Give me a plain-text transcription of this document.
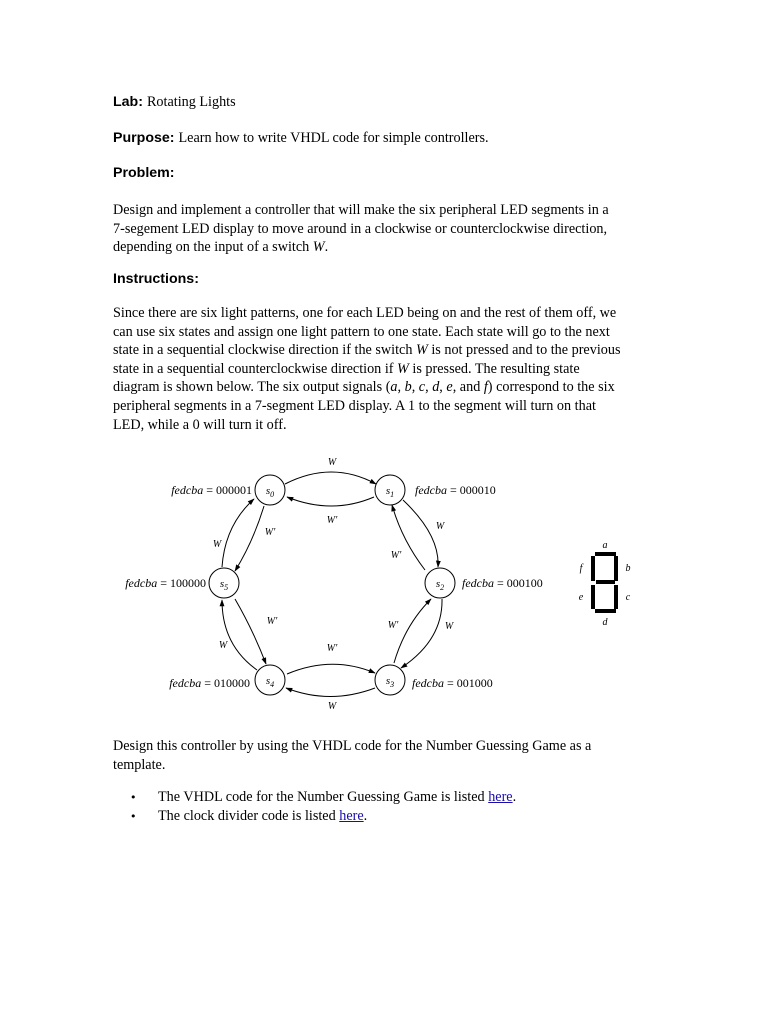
Lab: Rotating Lights
Purpose: Learn how to write VHDL code for simple controllers.
Problem:
Design and implement a controller that will make the six peripheral LED segments in a
7-segement LED display to move around in a clockwise or counterclockwise direction,
depending on the input of a switch W.
Instructions:
Since there are six light patterns, one for each LED being on and the rest of them off, we
can use six states and assign one light pattern to one state. Each state will go to the next
state in a sequential clockwise direction if the switch W is not pressed and to the previous
state in a sequential counterclockwise direction if W is pressed. The resulting state
diagram is shown below. The six output signals (a, b, c, d, e, and f) correspond to the six
peripheral segments in a 7-segment LED display. A 1 to the segment will turn on that
LED, while a 0 will turn it off.
W
W'
W
W'
W
W'
W'
W
W
W'
W
W'
$s_0$	$s_1$
$s_2$
$s_3$
$s_4$
$s_5$
fedcba = 000001	fedcba = 000010
fedcba = 000100
fedcba = 001000
fedcba = 010000
fedcba = 100000
a
b
c
d
e
f
Design this controller by using the VHDL code for the Number Guessing Game as a
template.
• The VHDL code for the Number Guessing Game is listed here.
• The clock divider code is listed here.
